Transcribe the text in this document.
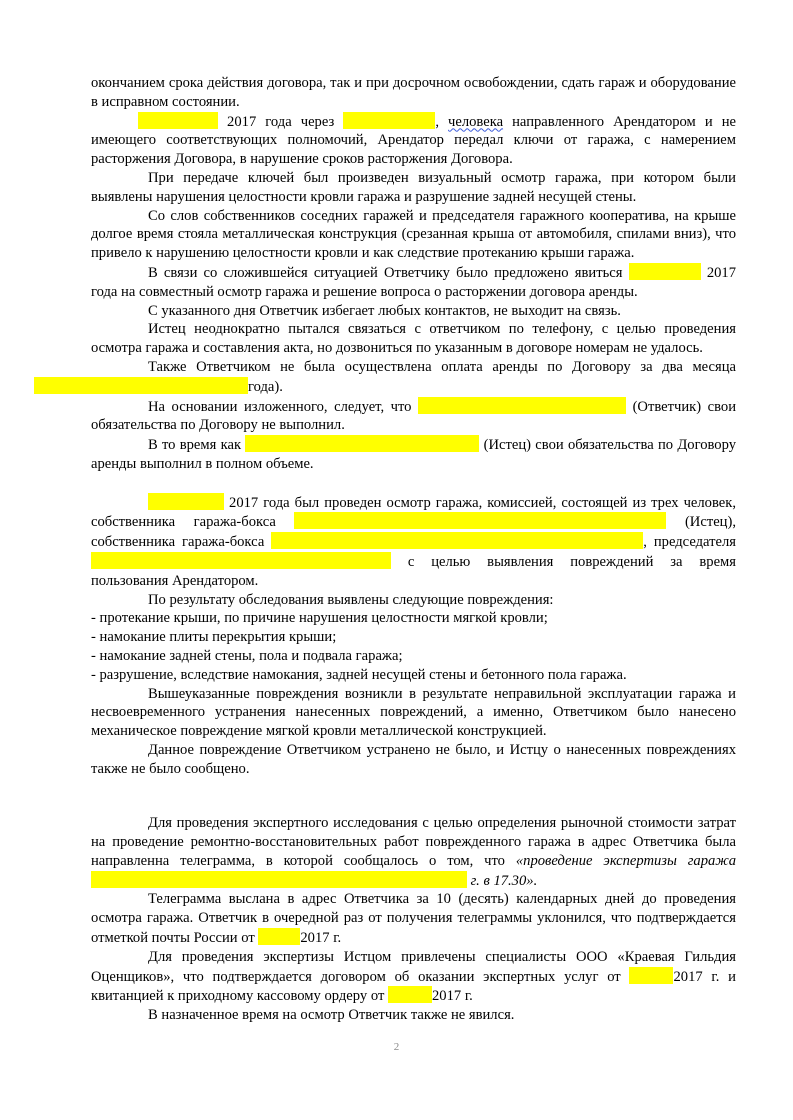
окончанием срока действия договора, так и при досрочном освобождении, сдать гараж и оборудование в исправном состоянии.

2017 года через	, человека направленного Арендатором и не имеющего соответствующих полномочий, Арендатор передал ключи от гаража, с намерением расторжения Договора, в нарушение сроков расторжения Договора.

При передаче ключей был произведен визуальный осмотр гаража, при котором были выявлены нарушения целостности кровли гаража и разрушение задней несущей стены.

Со слов собственников соседних гаражей и председателя гаражного кооператива, на крыше долгое время стояла металлическая конструкция (срезанная крыша от автомобиля, спилами вниз), что привело к нарушению целостности кровли и как следствие протеканию крыши гаража.

В связи со сложившейся ситуацией Ответчику было предложено явиться	2017 года на совместный осмотр гаража и решение вопроса о расторжении договора аренды.

С указанного дня Ответчик избегает любых контактов, не выходит на связь.

Истец неоднократно пытался связаться с ответчиком по телефону, с целью проведения осмотра гаража и составления акта, но дозвониться по указанным в договоре номерам не удалось.

Также Ответчиком не была осуществлена оплата аренды по Договору за два месяца года).

На основании изложенного, следует, что	(Ответчик) свои обязательства по Договору не выполнил.

В то время как	(Истец) свои обязательства по Договору аренды выполнил в полном объеме.

2017 года был проведен осмотр гаража, комиссией, состоящей из трех человек, собственника гаража-бокса	(Истец), собственника гаража-бокса	, председателя  с целью выявления повреждений за время пользования Арендатором.

По результату обследования выявлены следующие повреждения:

- протекание крыши, по причине нарушения целостности мягкой кровли;

- намокание плиты перекрытия крыши;

- намокание задней стены, пола и подвала гаража;

- разрушение, вследствие намокания, задней несущей стены и бетонного пола гаража.

Вышеуказанные повреждения возникли в результате неправильной эксплуатации гаража и несвоевременного устранения нанесенных повреждений, а именно, Ответчиком было нанесено механическое повреждение мягкой кровли металлической конструкцией.

Данное повреждение Ответчиком устранено не было, и Истцу о нанесенных повреждениях также не было сообщено.

Для проведения экспертного исследования с целью определения рыночной стоимости затрат на проведение ремонтно-восстановительных работ поврежденного гаража в адрес Ответчика была направленна телеграмма, в которой сообщалось о том, что «проведение экспертизы гаража  г. в 17.30».

Телеграмма выслана в адрес Ответчика за 10 (десять) календарных дней до проведения осмотра гаража. Ответчик в очередной раз от получения телеграммы уклонился, что подтверждается отметкой почты России от	2017 г.

Для проведения экспертизы Истцом привлечены специалисты ООО «Краевая Гильдия Оценщиков», что подтверждается договором об оказании экспертных услуг от	2017 г. и квитанцией к приходному кассовому ордеру от	2017 г.

В назначенное время на осмотр Ответчик также не явился.

2
